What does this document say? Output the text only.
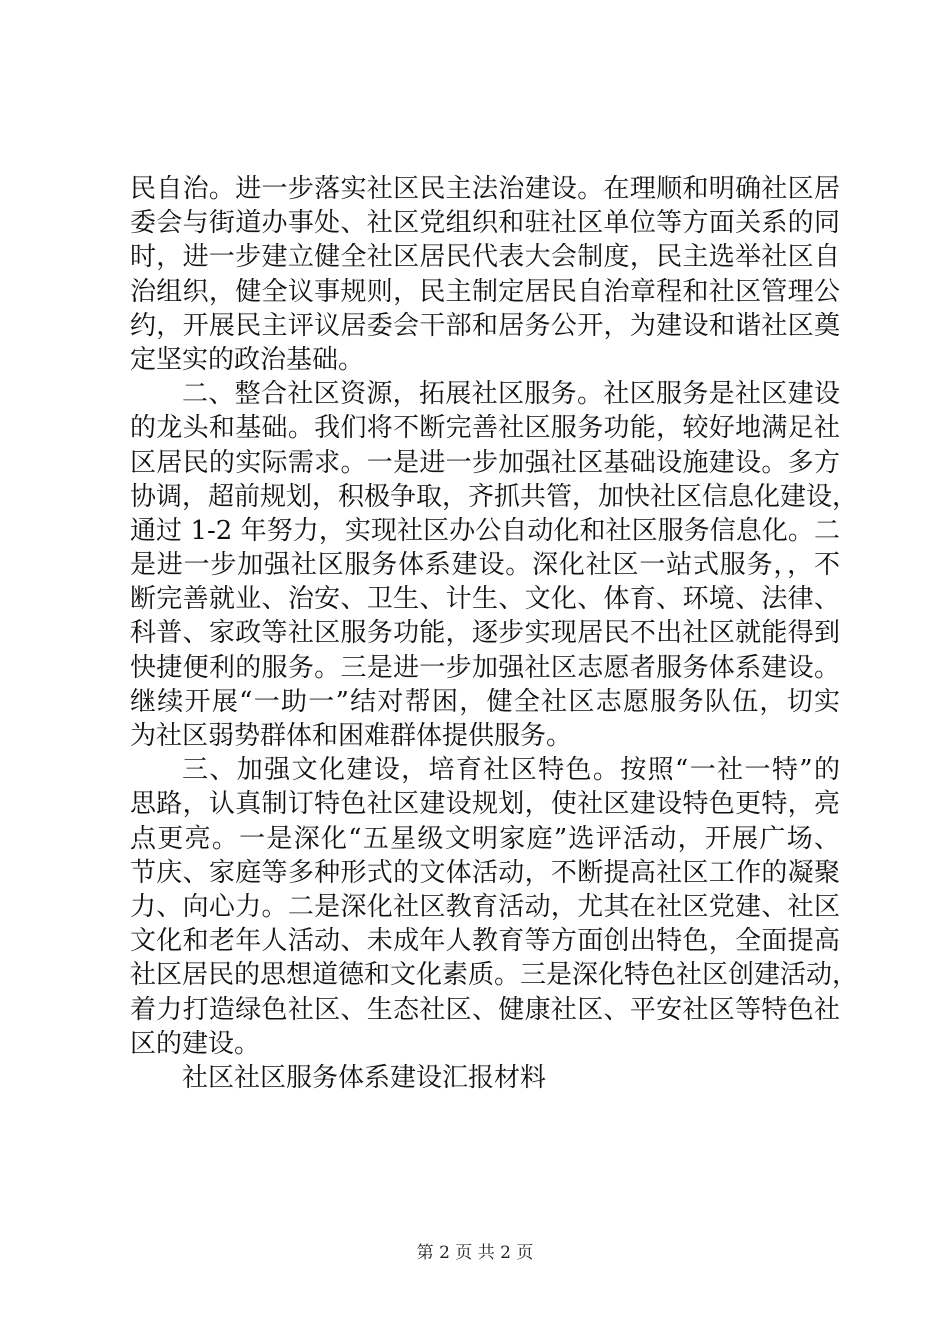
民自治。进一步落实社区民主法治建设。在理顺和明确社区居
委会与街道办事处、社区党组织和驻社区单位等方面关系的同
时，进一步建立健全社区居民代表大会制度，民主选举社区自
治组织，健全议事规则，民主制定居民自治章程和社区管理公
约，开展民主评议居委会干部和居务公开，为建设和谐社区奠
定坚实的政治基础。
二、整合社区资源，拓展社区服务。社区服务是社区建设
的龙头和基础。我们将不断完善社区服务功能，较好地满足社
区居民的实际需求。一是进一步加强社区基础设施建设。多方
协调，超前规划，积极争取，齐抓共管，加快社区信息化建设，
通过 1-2 年努力，实现社区办公自动化和社区服务信息化。二
是进一步加强社区服务体系建设。深化社区一站式服务，，不
断完善就业、治安、卫生、计生、文化、体育、环境、法律、
科普、家政等社区服务功能，逐步实现居民不出社区就能得到
快捷便利的服务。三是进一步加强社区志愿者服务体系建设。
继续开展“一助一”结对帮困，健全社区志愿服务队伍，切实
为社区弱势群体和困难群体提供服务。
三、加强文化建设，培育社区特色。按照“一社一特”的
思路，认真制订特色社区建设规划，使社区建设特色更特，亮
点更亮。一是深化“五星级文明家庭”选评活动，开展广场、
节庆、家庭等多种形式的文体活动，不断提高社区工作的凝聚
力、向心力。二是深化社区教育活动，尤其在社区党建、社区
文化和老年人活动、未成年人教育等方面创出特色，全面提高
社区居民的思想道德和文化素质。三是深化特色社区创建活动，
着力打造绿色社区、生态社区、健康社区、平安社区等特色社
区的建设。
社区社区服务体系建设汇报材料
第 2 页 共 2 页
